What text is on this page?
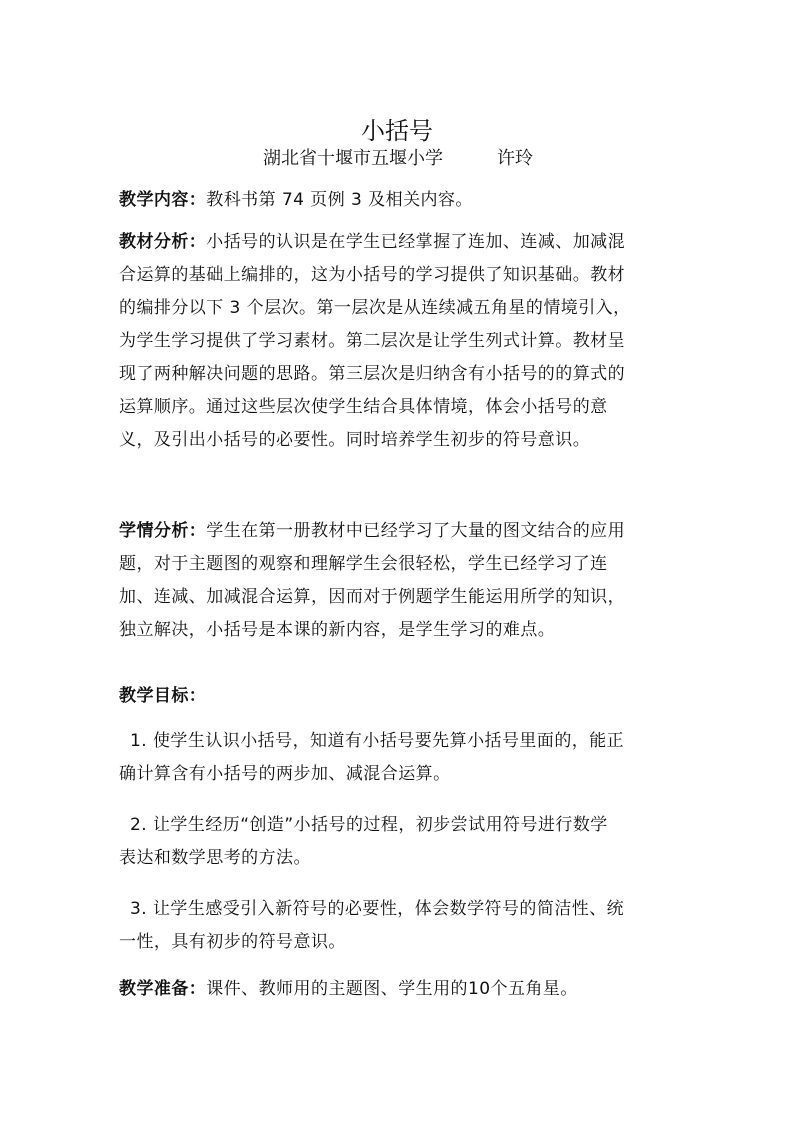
小括号
湖北省十堰市五堰小学	许玲
教学内容：教科书第 74 页例 3 及相关内容。
教材分析：小括号的认识是在学生已经掌握了连加、连减、加减混
合运算的基础上编排的，这为小括号的学习提供了知识基础。教材
的编排分以下 3 个层次。第一层次是从连续减五角星的情境引入，
为学生学习提供了学习素材。第二层次是让学生列式计算。教材呈
现了两种解决问题的思路。第三层次是归纳含有小括号的的算式的
运算顺序。通过这些层次使学生结合具体情境，体会小括号的意
义，及引出小括号的必要性。同时培养学生初步的符号意识。
学情分析：学生在第一册教材中已经学习了大量的图文结合的应用
题，对于主题图的观察和理解学生会很轻松，学生已经学习了连
加、连减、加减混合运算，因而对于例题学生能运用所学的知识，
独立解决，小括号是本课的新内容，是学生学习的难点。
教学目标：
1. 使学生认识小括号，知道有小括号要先算小括号里面的，能正
确计算含有小括号的两步加、减混合运算。
2. 让学生经历“创造”小括号的过程，初步尝试用符号进行数学
表达和数学思考的方法。
3. 让学生感受引入新符号的必要性，体会数学符号的简洁性、统
一性，具有初步的符号意识。
教学准备：课件、教师用的主题图、学生用的10个五角星。
